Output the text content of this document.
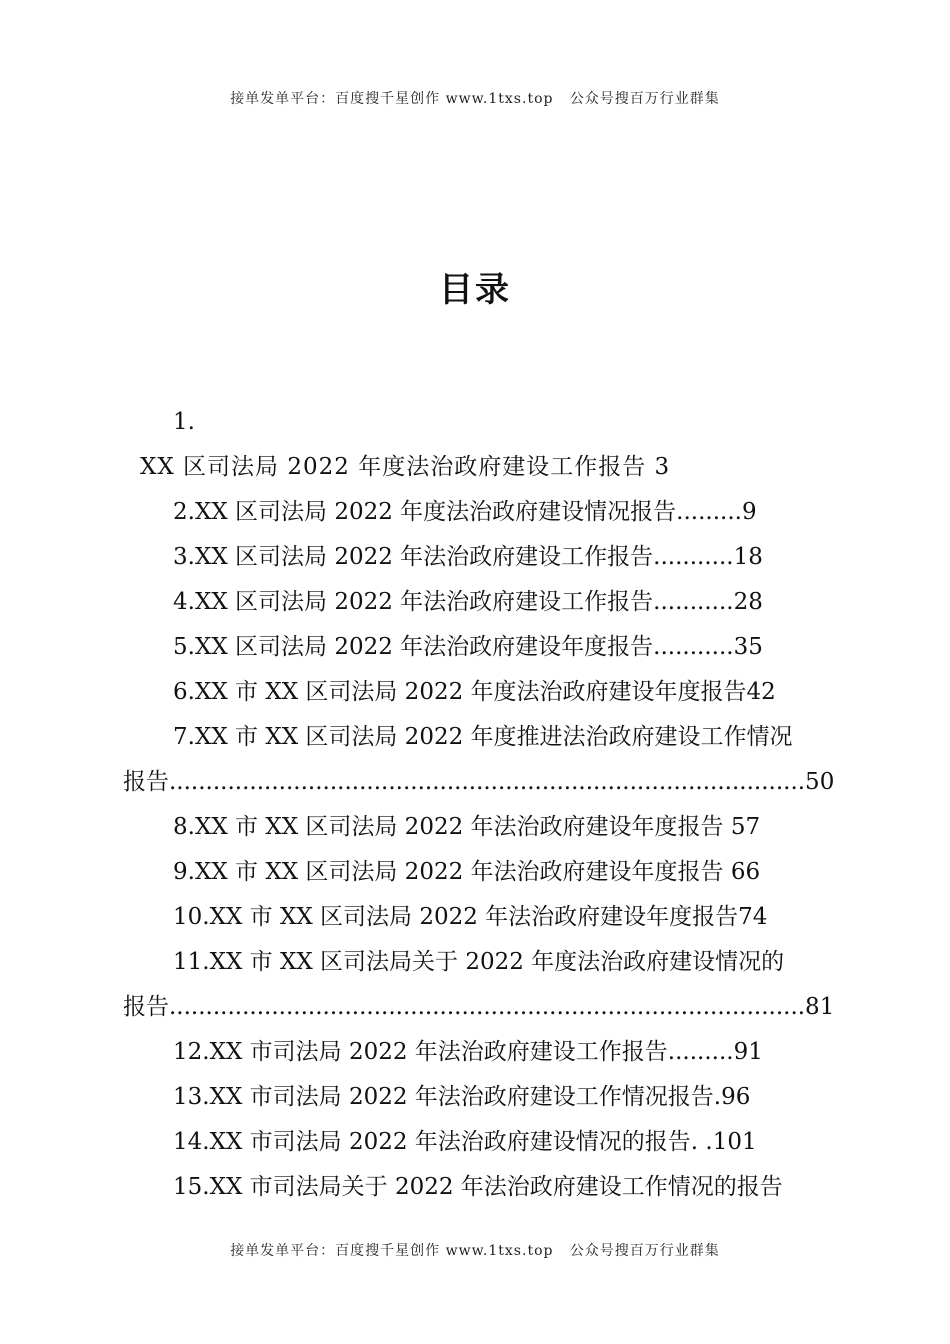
接单发单平台：百度搜千星创作 www.1txs.top   公众号搜百万行业群集
目录
1.
XX 区司法局 2022 年度法治政府建设工作报告 3
2.XX 区司法局 2022 年度法治政府建设情况报告.........9
3.XX 区司法局 2022 年法治政府建设工作报告...........18
4.XX 区司法局 2022 年法治政府建设工作报告...........28
5.XX 区司法局 2022 年法治政府建设年度报告...........35
6.XX 市 XX 区司法局 2022 年度法治政府建设年度报告42
7.XX 市 XX 区司法局 2022 年度推进法治政府建设工作情况
报告.......................................................................................50
8.XX 市 XX 区司法局 2022 年法治政府建设年度报告 57
9.XX 市 XX 区司法局 2022 年法治政府建设年度报告 66
10.XX 市 XX 区司法局 2022 年法治政府建设年度报告74
11.XX 市 XX 区司法局关于 2022 年度法治政府建设情况的
报告.......................................................................................81
12.XX 市司法局 2022 年法治政府建设工作报告.........91
13.XX 市司法局 2022 年法治政府建设工作情况报告.96
14.XX 市司法局 2022 年法治政府建设情况的报告. .101
15.XX 市司法局关于 2022 年法治政府建设工作情况的报告
接单发单平台：百度搜千星创作 www.1txs.top   公众号搜百万行业群集
